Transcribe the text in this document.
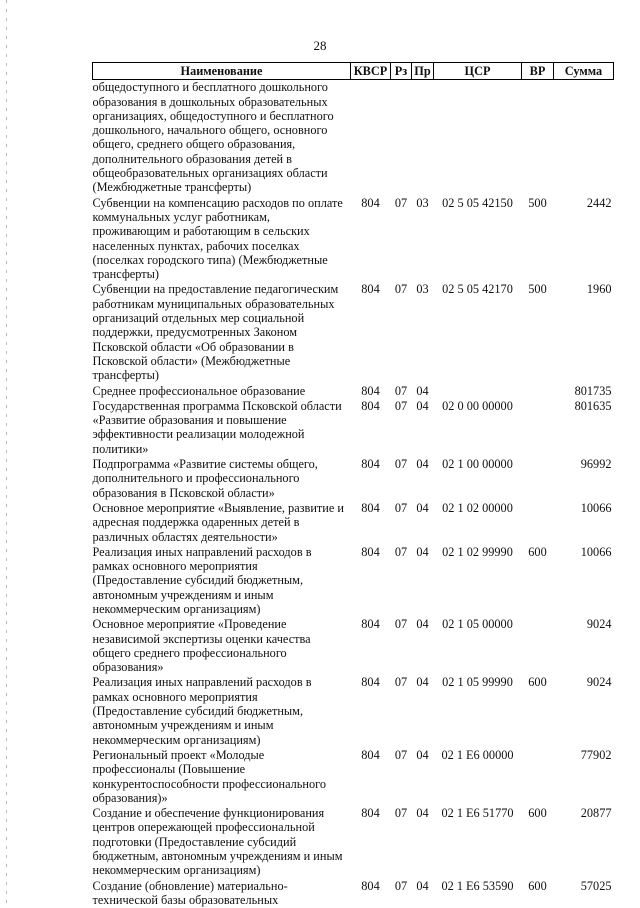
28
Наименование	КВСР	Рз	Пр	ЦСР	ВР	Сумма
общедоступного и бесплатного дошкольного образования в дошкольных образовательных организациях, общедоступного и бесплатного дошкольного, начального общего, основного общего, среднего общего образования, дополнительного образования детей в общеобразовательных организациях области (Межбюджетные трансферты)						
Субвенции на компенсацию расходов по оплате коммунальных услуг работникам, проживающим и работающим в сельских населенных пунктах, рабочих поселках (поселках городского типа) (Межбюджетные трансферты)	804	07	03	02 5 05 42150	500	2442
Субвенции на предоставление педагогическим работникам муниципальных образовательных организаций отдельных мер социальной поддержки, предусмотренных Законом Псковской области «Об образовании в Псковской области» (Межбюджетные трансферты)	804	07	03	02 5 05 42170	500	1960
Среднее профессиональное образование	804	07	04			801735
Государственная программа Псковской области «Развитие образования и повышение эффективности реализации молодежной политики»	804	07	04	02 0 00 00000		801635
Подпрограмма «Развитие системы общего, дополнительного и профессионального образования в Псковской области»	804	07	04	02 1 00 00000		96992
Основное мероприятие «Выявление, развитие и адресная поддержка одаренных детей в различных областях деятельности»	804	07	04	02 1 02 00000		10066
Реализация иных направлений расходов в рамках основного мероприятия (Предоставление субсидий бюджетным, автономным учреждениям и иным некоммерческим организациям)	804	07	04	02 1 02 99990	600	10066
Основное мероприятие «Проведение независимой экспертизы оценки качества общего среднего профессионального образования»	804	07	04	02 1 05 00000		9024
Реализация иных направлений расходов в рамках основного мероприятия (Предоставление субсидий бюджетным, автономным учреждениям и иным некоммерческим организациям)	804	07	04	02 1 05 99990	600	9024
Региональный проект «Молодые профессионалы (Повышение конкурентоспособности профессионального образования)»	804	07	04	02 1 E6 00000		77902
Создание и обеспечение функционирования центров опережающей профессиональной подготовки (Предоставление субсидий бюджетным, автономным учреждениям и иным некоммерческим организациям)	804	07	04	02 1 E6 51770	600	20877
Создание (обновление) материально-технической базы образовательных	804	07	04	02 1 E6 53590	600	57025
